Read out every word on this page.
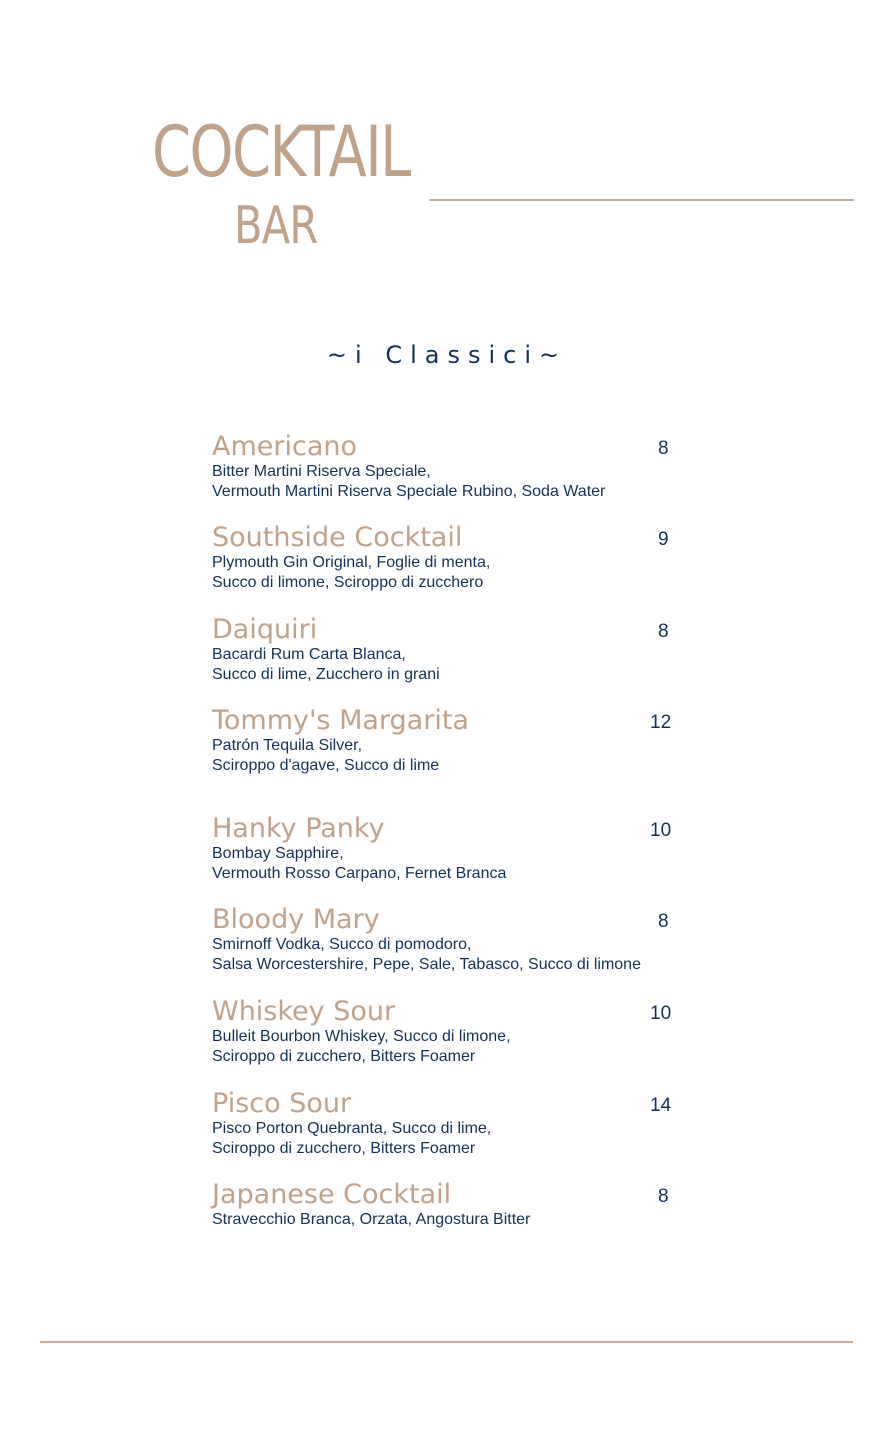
COCKTAIL
BAR
~i Classici~
Americano	8
Bitter Martini Riserva Speciale,
Vermouth Martini Riserva Speciale Rubino, Soda Water
Southside Cocktail	9
Plymouth Gin Original, Foglie di menta,
Succo di limone, Sciroppo di zucchero
Daiquiri	8
Bacardi Rum Carta Blanca,
Succo di lime, Zucchero in grani
Tommy's Margarita	12
Patrón Tequila Silver,
Sciroppo d'agave, Succo di lime
Hanky Panky	10
Bombay Sapphire,
Vermouth Rosso Carpano, Fernet Branca
Bloody Mary	8
Smirnoff Vodka, Succo di pomodoro,
Salsa Worcestershire, Pepe, Sale, Tabasco, Succo di limone
Whiskey Sour	10
Bulleit Bourbon Whiskey, Succo di limone,
Sciroppo di zucchero, Bitters Foamer
Pisco Sour	14
Pisco Porton Quebranta, Succo di lime,
Sciroppo di zucchero, Bitters Foamer
Japanese Cocktail	8
Stravecchio Branca, Orzata, Angostura Bitter
